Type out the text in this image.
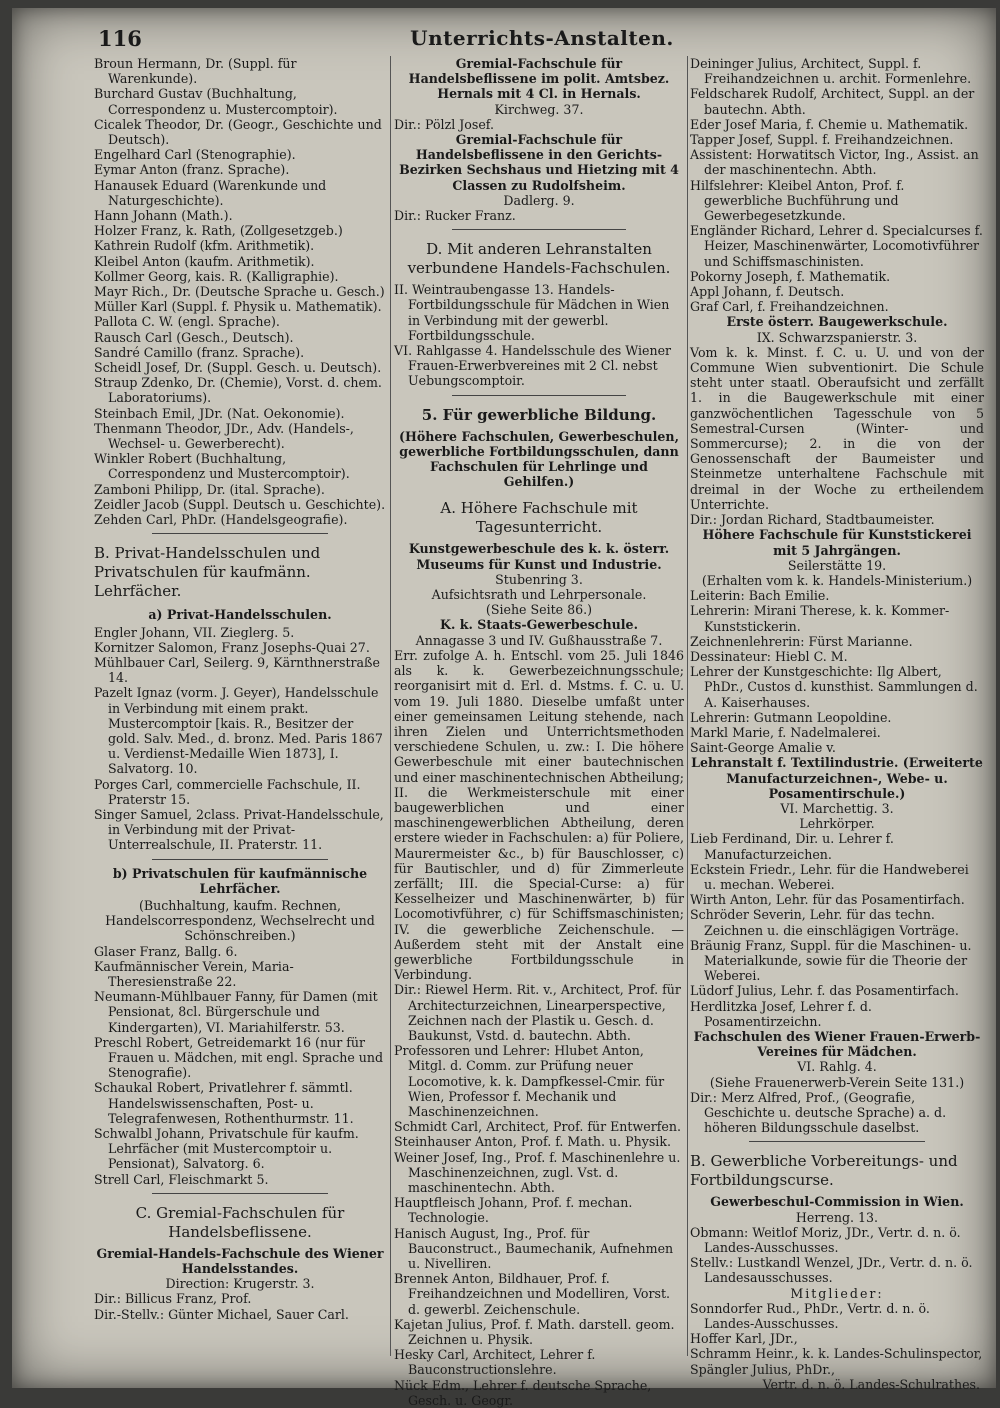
116	Unterrichts-Anstalten.
Broun Hermann, Dr. (Suppl. für Warenkunde).
Burchard Gustav (Buchhaltung, Correspondenz u. Mustercomptoir).
Cicalek Theodor, Dr. (Geogr., Geschichte und Deutsch).
Engelhard Carl (Stenographie).
Eymar Anton (franz. Sprache).
Hanausek Eduard (Warenkunde und Naturgeschichte).
Hann Johann (Math.).
Holzer Franz, k. Rath, (Zollgesetzgeb.)
Kathrein Rudolf (kfm. Arithmetik).
Kleibel Anton (kaufm. Arithmetik).
Kollmer Georg, kais. R. (Kalligraphie).
Mayr Rich., Dr. (Deutsche Sprache u. Gesch.)
Müller Karl (Suppl. f. Physik u. Mathematik).
Pallota C. W. (engl. Sprache).
Rausch Carl (Gesch., Deutsch).
Sandré Camillo (franz. Sprache).
Scheidl Josef, Dr. (Suppl. Gesch. u. Deutsch).
Straup Zdenko, Dr. (Chemie), Vorst. d. chem. Laboratoriums).
Steinbach Emil, JDr. (Nat. Oekonomie).
Thenmann Theodor, JDr., Adv. (Handels-, Wechsel- u. Gewerberecht).
Winkler Robert (Buchhaltung, Correspondenz und Mustercomptoir).
Zamboni Philipp, Dr. (ital. Sprache).
Zeidler Jacob (Suppl. Deutsch u. Geschichte).
Zehden Carl, PhDr. (Handelsgeografie).

B. Privat-Handelsschulen und Privatschulen für kaufmänn. Lehrfächer.

a) Privat-Handelsschulen.

Engler Johann, VII. Zieglerg. 5.
Kornitzer Salomon, Franz Josephs-Quai 27.
Mühlbauer Carl, Seilerg. 9, Kärnthnerstraße 14.
Pazelt Ignaz (vorm. J. Geyer), Handelsschule in Verbindung mit einem prakt. Mustercomptoir [kais. R., Besitzer der gold. Salv. Med., d. bronz. Med. Paris 1867 u. Verdienst-Medaille Wien 1873], I. Salvatorg. 10.
Porges Carl, commercielle Fachschule, II. Praterstr 15.
Singer Samuel, 2class. Privat-Handelsschule, in Verbindung mit der Privat-Unterrealschule, II. Praterstr. 11.

b) Privatschulen für kaufmännische Lehrfächer.

(Buchhaltung, kaufm. Rechnen, Handelscorrespondenz, Wechselrecht und Schönschreiben.)

Glaser Franz, Ballg. 6.
Kaufmännischer Verein, Maria-Theresienstraße 22.
Neumann-Mühlbauer Fanny, für Damen (mit Pensionat, 8cl. Bürgerschule und Kindergarten), VI. Mariahilferstr. 53.
Preschl Robert, Getreidemarkt 16 (nur für Frauen u. Mädchen, mit engl. Sprache und Stenografie).
Schaukal Robert, Privatlehrer f. sämmtl. Handelswissenschaften, Post- u. Telegrafenwesen, Rothenthurmstr. 11.
Schwalbl Johann, Privatschule für kaufm. Lehrfächer (mit Mustercomptoir u. Pensionat), Salvatorg. 6.
Strell Carl, Fleischmarkt 5.

C. Gremial-Fachschulen für Handelsbeflissene.

Gremial-Handels-Fachschule des Wiener Handelsstandes.

Direction: Krugerstr. 3.

Dir.: Billicus Franz, Prof.
Dir.-Stellv.: Günter Michael, Sauer Carl.

Gremial-Fachschule für Handelsbeflissene im polit. Amtsbez. Hernals mit 4 Cl. in Hernals.

Kirchweg. 37.

Dir.: Pölzl Josef.

Gremial-Fachschule für Handelsbeflissene in den Gerichts-Bezirken Sechshaus und Hietzing mit 4 Classen zu Rudolfsheim.

Dadlerg. 9.

Dir.: Rucker Franz.

D. Mit anderen Lehranstalten verbundene Handels-Fachschulen.

II. Weintraubengasse 13. Handels-Fortbildungsschule für Mädchen in Wien in Verbindung mit der gewerbl. Fortbildungsschule.
VI. Rahlgasse 4. Handelsschule des Wiener Frauen-Erwerbvereines mit 2 Cl. nebst Uebungscomptoir.

5. Für gewerbliche Bildung.

(Höhere Fachschulen, Gewerbeschulen, gewerbliche Fortbildungsschulen, dann Fachschulen für Lehrlinge und Gehilfen.)

A. Höhere Fachschule mit Tagesunterricht.

Kunstgewerbeschule des k. k. österr. Museums für Kunst und Industrie.

Stubenring 3.
Aufsichtsrath und Lehrpersonale.
(Siehe Seite 86.)

K. k. Staats-Gewerbeschule.

Annagasse 3 und IV. Gußhausstraße 7.

Err. zufolge A. h. Entschl. vom 25. Juli 1846 als k. k. Gewerbezeichnungsschule; reorganisirt mit d. Erl. d. Mstms. f. C. u. U. vom 19. Juli 1880. Dieselbe umfaßt unter einer gemeinsamen Leitung stehende, nach ihren Zielen und Unterrichtsmethoden verschiedene Schulen, u. zw.: I. Die höhere Gewerbeschule mit einer bautechnischen und einer maschinentechnischen Abtheilung; II. die Werkmeisterschule mit einer baugewerblichen und einer maschinengewerblichen Abtheilung, deren erstere wieder in Fachschulen: a) für Poliere, Maurermeister &c., b) für Bauschlosser, c) für Bautischler, und d) für Zimmerleute zerfällt; III. die Special-Curse: a) für Kesselheizer und Maschinenwärter, b) für Locomotivführer, c) für Schiffsmaschinisten; IV. die gewerbliche Zeichenschule. — Außerdem steht mit der Anstalt eine gewerbliche Fortbildungsschule in Verbindung.

Dir.: Riewel Herm. Rit. v., Architect, Prof. für Architecturzeichnen, Linearperspective, Zeichnen nach der Plastik u. Gesch. d. Baukunst, Vstd. d. bautechn. Abth.
Professoren und Lehrer: Hlubet Anton, Mitgl. d. Comm. zur Prüfung neuer Locomotive, k. k. Dampfkessel-Cmir. für Wien, Professor f. Mechanik und Maschinenzeichnen.
Schmidt Carl, Architect, Prof. für Entwerfen.
Steinhauser Anton, Prof. f. Math. u. Physik.
Weiner Josef, Ing., Prof. f. Maschinenlehre u. Maschinenzeichnen, zugl. Vst. d. maschinentechn. Abth.
Hauptfleisch Johann, Prof. f. mechan. Technologie.
Hanisch August, Ing., Prof. für Bauconstruct., Baumechanik, Aufnehmen u. Nivelliren.
Brennek Anton, Bildhauer, Prof. f. Freihandzeichnen und Modelliren, Vorst. d. gewerbl. Zeichenschule.
Kajetan Julius, Prof. f. Math. darstell. geom. Zeichnen u. Physik.
Hesky Carl, Architect, Lehrer f. Bauconstructionslehre.
Nück Edm., Lehrer f. deutsche Sprache, Gesch. u. Geogr.
Deininger Julius, Architect, Suppl. f. Freihandzeichnen u. archit. Formenlehre.
Feldscharek Rudolf, Architect, Suppl. an der bautechn. Abth.
Eder Josef Maria, f. Chemie u. Mathematik.
Tapper Josef, Suppl. f. Freihandzeichnen.
Assistent: Horwatitsch Victor, Ing., Assist. an der maschinentechn. Abth.
Hilfslehrer: Kleibel Anton, Prof. f. gewerbliche Buchführung und Gewerbegesetzkunde.
Engländer Richard, Lehrer d. Specialcurses f. Heizer, Maschinenwärter, Locomotivführer und Schiffsmaschinisten.
Pokorny Joseph, f. Mathematik.
Appl Johann, f. Deutsch.
Graf Carl, f. Freihandzeichnen.

Erste österr. Baugewerkschule.

IX. Schwarzspanierstr. 3.

Vom k. k. Minst. f. C. u. U. und von der Commune Wien subventionirt. Die Schule steht unter staatl. Oberaufsicht und zerfällt 1. in die Baugewerkschule mit einer ganzwöchentlichen Tagesschule von 5 Semestral-Cursen (Winter- und Sommercurse); 2. in die von der Genossenschaft der Baumeister und Steinmetze unterhaltene Fachschule mit dreimal in der Woche zu ertheilendem Unterrichte.

Dir.: Jordan Richard, Stadtbaumeister.

Höhere Fachschule für Kunststickerei mit 5 Jahrgängen.

Seilerstätte 19.

(Erhalten vom k. k. Handels-Ministerium.)

Leiterin: Bach Emilie.
Lehrerin: Mirani Therese, k. k. Kommer-Kunststickerin.
Zeichnenlehrerin: Fürst Marianne.
Dessinateur: Hiebl C. M.
Lehrer der Kunstgeschichte: Ilg Albert, PhDr., Custos d. kunsthist. Sammlungen d. A. Kaiserhauses.
Lehrerin: Gutmann Leopoldine.
Markl Marie, f. Nadelmalerei.
Saint-George Amalie v.

Lehranstalt f. Textilindustrie. (Erweiterte Manufacturzeichnen-, Webe- u. Posamentirschule.)

VI. Marchettig. 3.

Lehrkörper.

Lieb Ferdinand, Dir. u. Lehrer f. Manufacturzeichen.
Eckstein Friedr., Lehr. für die Handweberei u. mechan. Weberei.
Wirth Anton, Lehr. für das Posamentirfach.
Schröder Severin, Lehr. für das techn. Zeichnen u. die einschlägigen Vorträge.
Bräunig Franz, Suppl. für die Maschinen- u. Materialkunde, sowie für die Theorie der Weberei.
Lüdorf Julius, Lehr. f. das Posamentirfach.
Herdlitzka Josef, Lehrer f. d. Posamentirzeichn.

Fachschulen des Wiener Frauen-Erwerb-Vereines für Mädchen.

VI. Rahlg. 4.

(Siehe Frauenerwerb-Verein Seite 131.)

Dir.: Merz Alfred, Prof., (Geografie, Geschichte u. deutsche Sprache) a. d. höheren Bildungsschule daselbst.

B. Gewerbliche Vorbereitungs- und Fortbildungscurse.

Gewerbeschul-Commission in Wien.

Herreng. 13.

Obmann: Weitlof Moriz, JDr., Vertr. d. n. ö. Landes-Ausschusses.
Stellv.: Lustkandl Wenzel, JDr., Vertr. d. n. ö. Landesausschusses.

Mitglieder:

Sonndorfer Rud., PhDr., Vertr. d. n. ö. Landes-Ausschusses.
Hoffer Karl, JDr.,
Schramm Heinr., k. k. Landes-Schulinspector,
Spängler Julius, PhDr.,

Vertr. d. n. ö. Landes-Schulrathes.
